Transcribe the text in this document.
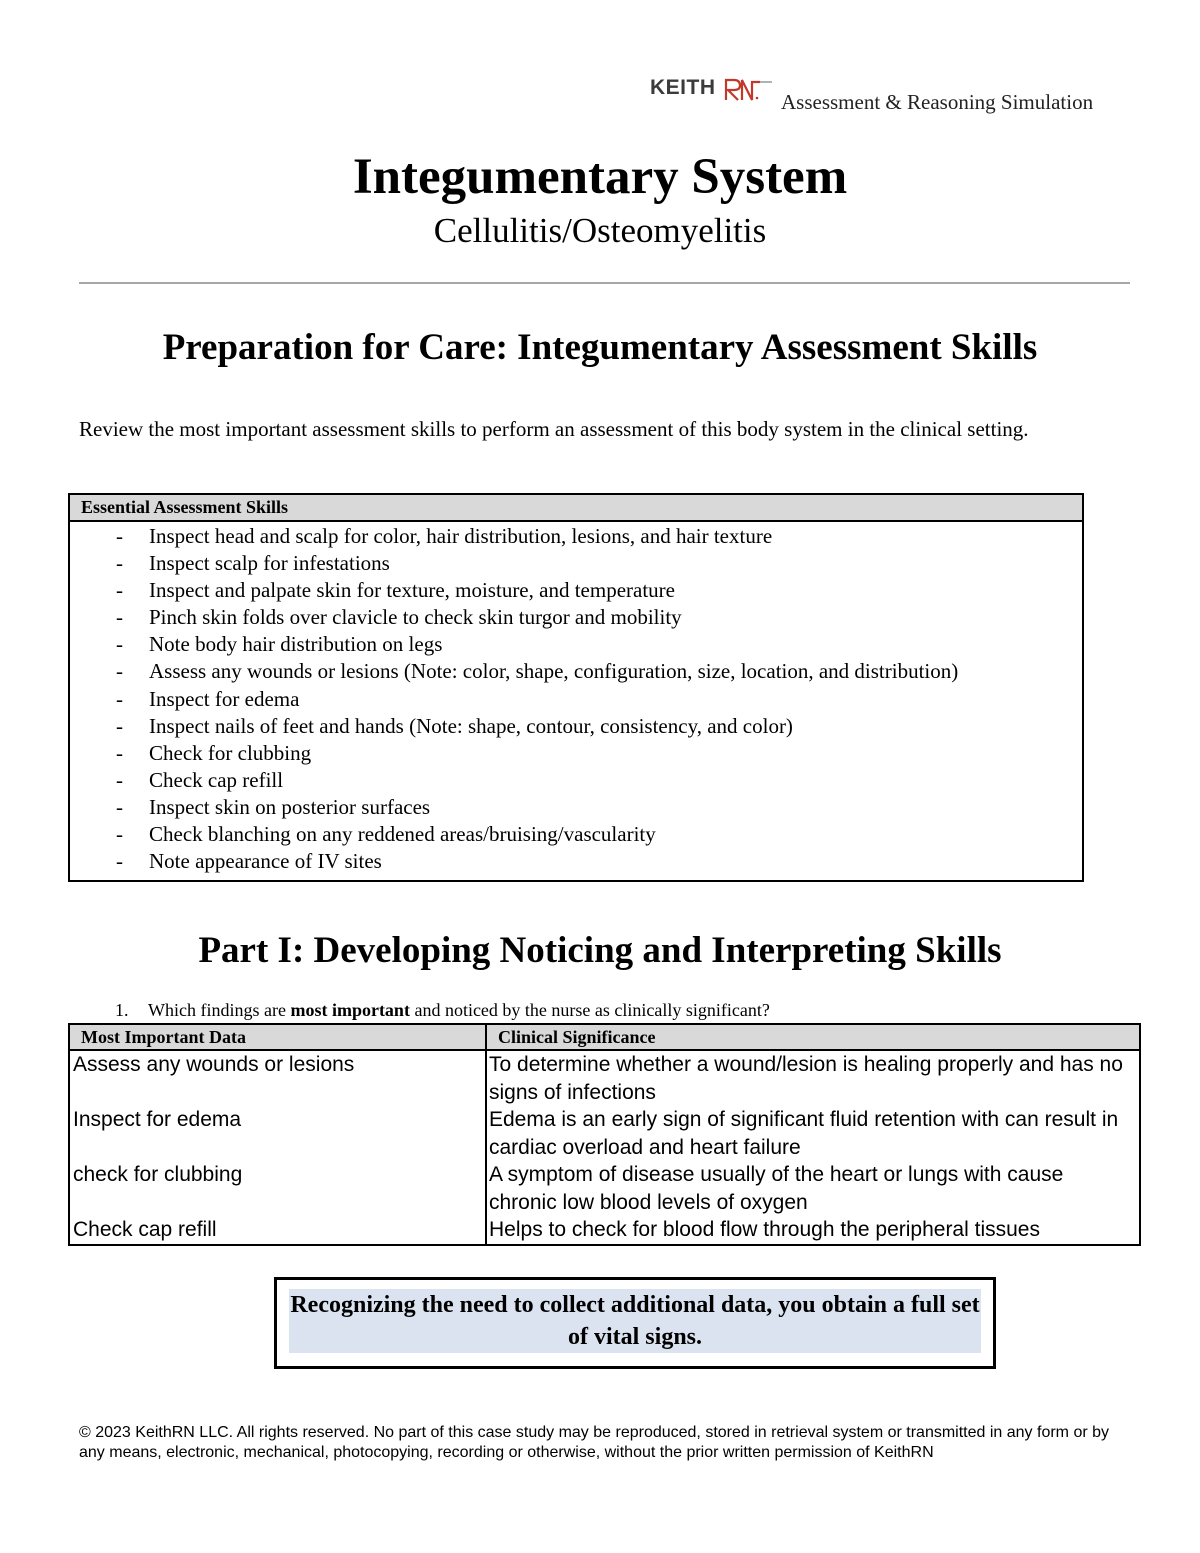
KEITH
Assessment & Reasoning Simulation
Integumentary System
Cellulitis/Osteomyelitis
Preparation for Care: Integumentary Assessment Skills
Review the most important assessment skills to perform an assessment of this body system in the clinical setting.
Essential Assessment Skills
- Inspect head and scalp for color, hair distribution, lesions, and hair texture
- Inspect scalp for infestations
- Inspect and palpate skin for texture, moisture, and temperature
- Pinch skin folds over clavicle to check skin turgor and mobility
- Note body hair distribution on legs
- Assess any wounds or lesions (Note: color, shape, configuration, size, location, and distribution)
- Inspect for edema
- Inspect nails of feet and hands (Note: shape, contour, consistency, and color)
- Check for clubbing
- Check cap refill
- Inspect skin on posterior surfaces
- Check blanching on any reddened areas/bruising/vascularity
- Note appearance of IV sites
Part I: Developing Noticing and Interpreting Skills
1. Which findings are most important and noticed by the nurse as clinically significant?
Most Important Data	Clinical Significance
Assess any wounds or lesions	To determine whether a wound/lesion is healing properly and has no signs of infections
Inspect for edema	Edema is an early sign of significant fluid retention with can result in cardiac overload and heart failure
check for clubbing	A symptom of disease usually of the heart or lungs with cause chronic low blood levels of oxygen
Check cap refill	Helps to check for blood flow through the peripheral tissues
Recognizing the need to collect additional data, you obtain a full set of vital signs.
© 2023 KeithRN LLC. All rights reserved. No part of this case study may be reproduced, stored in retrieval system or transmitted in any form or by any means, electronic, mechanical, photocopying, recording or otherwise, without the prior written permission of KeithRN
